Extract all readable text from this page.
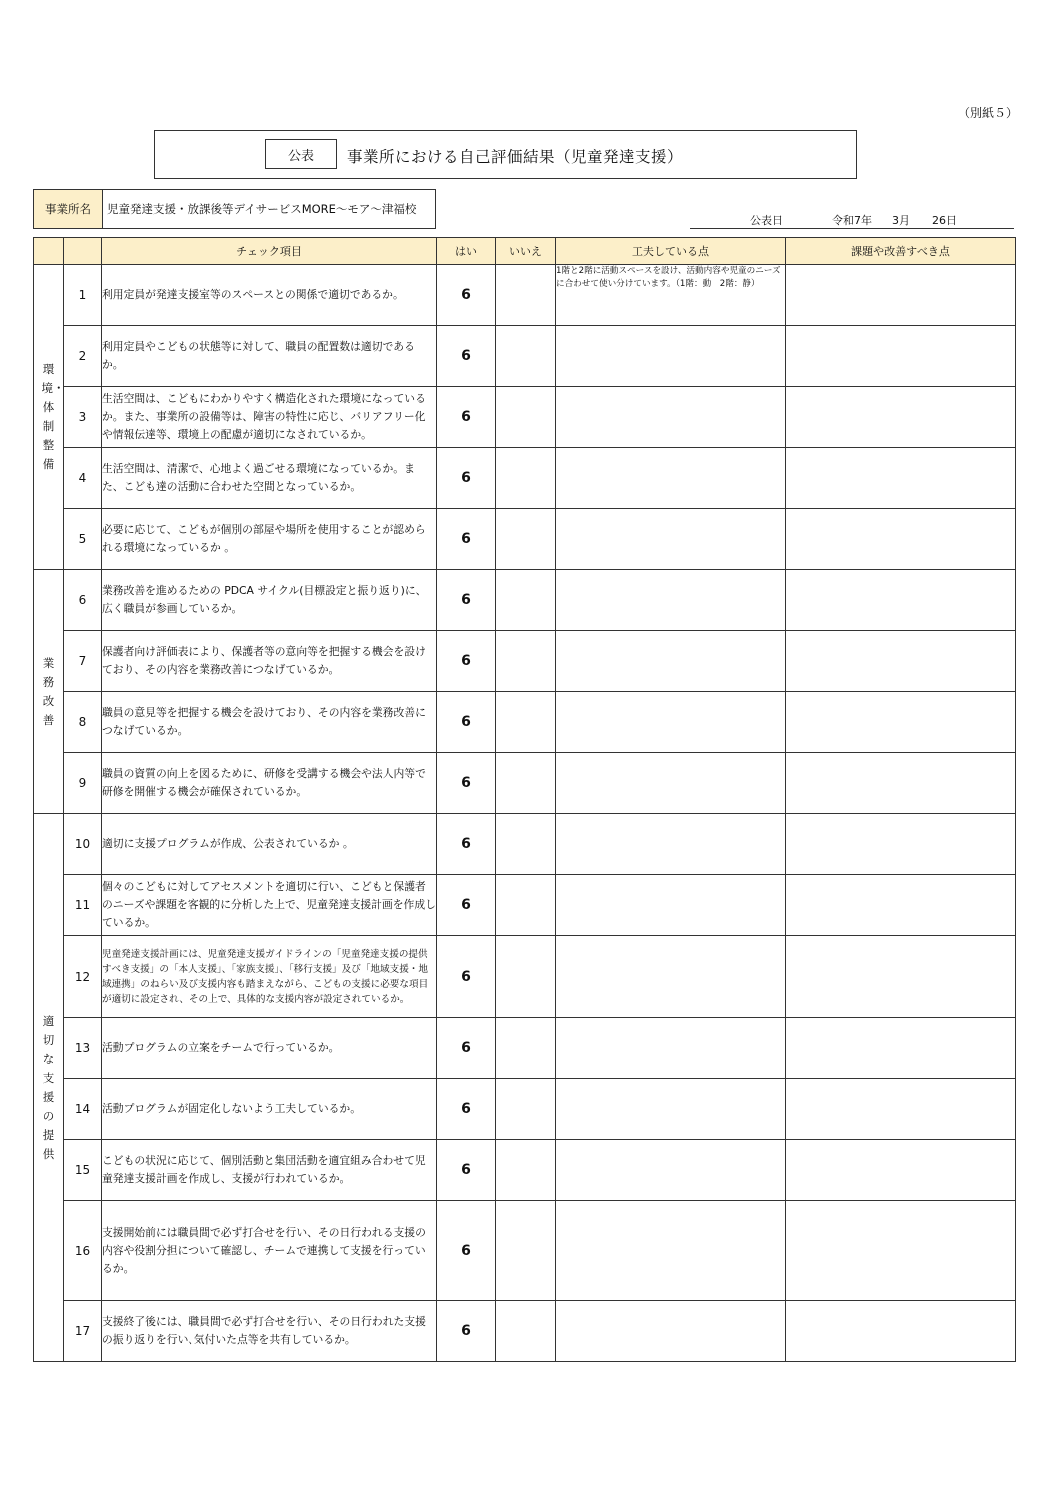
（別紙５）
公表	事業所における自己評価結果（児童発達支援）
事業所名	児童発達支援・放課後等デイサービスMORE～モア～津福校
公表日	令和7年 3月 26日
		チェック項目	はい	いいえ	工夫している点	課題や改善すべき点
環境・体制整備	1	利用定員が発達支援室等のスペースとの関係で適切であるか。	6		1階と2階に活動スペースを設け、活動内容や児童のニーズに合わせて使い分けています。（1階：動　2階：静）	
	2	利用定員やこどもの状態等に対して、職員の配置数は適切であるか。	6			
	3	生活空間は、こどもにわかりやすく構造化された環境になっているか。また、事業所の設備等は、障害の特性に応じ、バリアフリー化や情報伝達等、環境上の配慮が適切になされているか。	6			
	4	生活空間は、清潔で、心地よく過ごせる環境になっているか。また、こども達の活動に合わせた空間となっているか。	6			
	5	必要に応じて、こどもが個別の部屋や場所を使用することが認められる環境になっているか 。	6			
業務改善	6	業務改善を進めるための PDCA サイクル(目標設定と振り返り)に、広く職員が参画しているか。	6			
	7	保護者向け評価表により、保護者等の意向等を把握する機会を設けており、その内容を業務改善につなげているか。	6			
	8	職員の意見等を把握する機会を設けており、その内容を業務改善につなげているか。	6			
	9	職員の資質の向上を図るために、研修を受講する機会や法人内等で研修を開催する機会が確保されているか。	6			
適切な支援の提供	10	適切に支援プログラムが作成、公表されているか 。	6			
	11	個々のこどもに対してアセスメントを適切に行い、こどもと保護者のニーズや課題を客観的に分析した上で、児童発達支援計画を作成しているか。	6			
	12	児童発達支援計画には、児童発達支援ガイドラインの「児童発達支援の提供すべき支援」の「本人支援」、「家族支援」、「移行支援」及び「地域支援・地域連携」のねらい及び支援内容も踏まえながら、こどもの支援に必要な項目が適切に設定され、その上で、具体的な支援内容が設定されているか。	6			
	13	活動プログラムの立案をチームで行っているか。	6			
	14	活動プログラムが固定化しないよう工夫しているか。	6			
	15	こどもの状況に応じて、個別活動と集団活動を適宜組み合わせて児童発達支援計画を作成し、支援が行われているか。	6			
	16	支援開始前には職員間で必ず打合せを行い、その日行われる支援の内容や役割分担について確認し、チームで連携して支援を行っているか。	6			
	17	支援終了後には、職員間で必ず打合せを行い、その日行われた支援の振り返りを行い､気付いた点等を共有しているか。	6			
